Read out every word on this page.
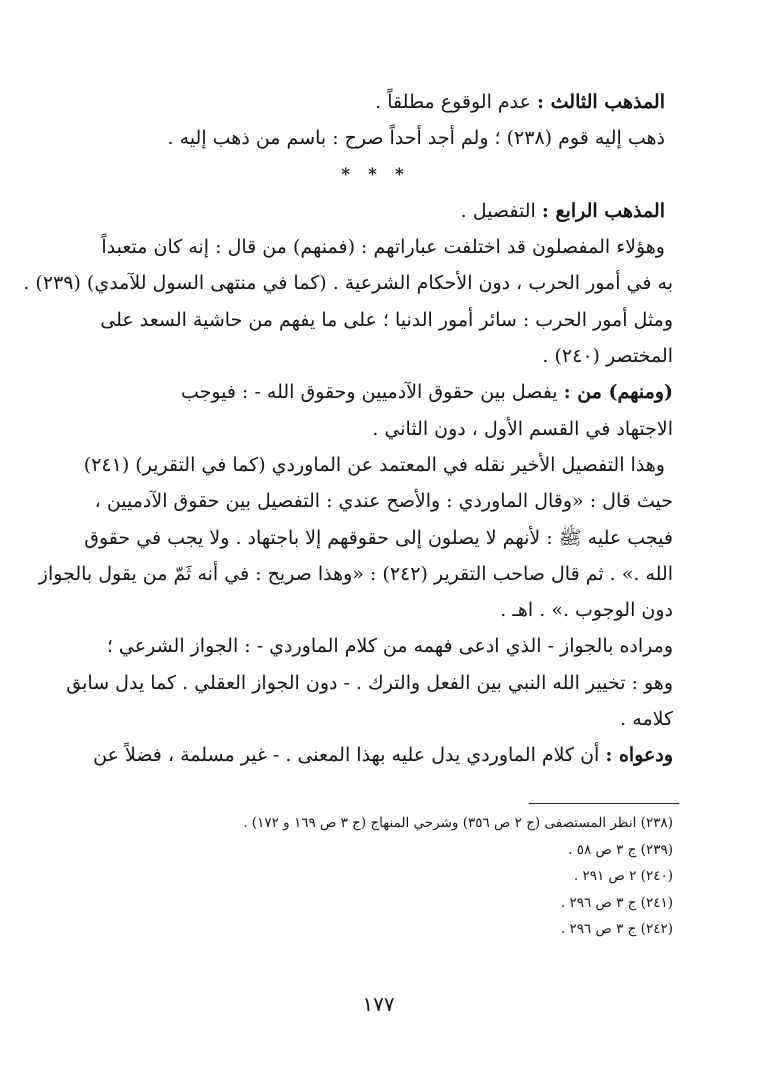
المذهب الثالث : عدم الوقوع مطلقاً .
ذهب إليه قوم (٢٣٨) ؛ ولم أجد أحداً صرح : باسم من ذهب إليه .
* * *
المذهب الرابع : التفصيل .
وهؤلاء المفصلون قد اختلفت عباراتهم : (فمنهم) من قال : إنه كان متعبداً
به في أمور الحرب ، دون الأحكام الشرعية . (كما في منتهى السول للآمدي) (٢٣٩) .
ومثل أمور الحرب : سائر أمور الدنيا ؛ على ما يفهم من حاشية السعد على
المختصر (٢٤٠) .
(ومنهم) من : يفصل بين حقوق الآدميين وحقوق الله - : فيوجب
الاجتهاد في القسم الأول ، دون الثاني .
وهذا التفصيل الأخير نقله في المعتمد عن الماوردي (كما في التقرير) (٢٤١)
حيث قال : «وقال الماوردي : والأصح عندي : التفصيل بين حقوق الآدميين ،
فيجب عليه ﷺ : لأنهم لا يصلون إلى حقوقهم إلا باجتهاد . ولا يجب في حقوق
الله .» . ثم قال صاحب التقرير (٢٤٢) : «وهذا صريح : في أنه ثَمّ من يقول بالجواز
دون الوجوب .» . اهـ .
ومراده بالجواز - الذي ادعى فهمه من كلام الماوردي - : الجواز الشرعي ؛
وهو : تخيير الله النبي بين الفعل والترك . - دون الجواز العقلي . كما يدل سابق
كلامه .
ودعواه : أن كلام الماوردي يدل عليه بهذا المعنى . - غير مسلمة ، فضلاً عن
(٢٣٨) انظر المستصفى (ج ٢ ص ٣٥٦) وشرحي المنهاج (ج ٣ ص ١٦٩ و ١٧٢) .
(٢٣٩) ج ٣ ص ٥٨ .
(٢٤٠) ٢ ص ٢٩١ .
(٢٤١) ج ٣ ص ٢٩٦ .
(٢٤٢) ج ٣ ص ٢٩٦ .
١٧٧
